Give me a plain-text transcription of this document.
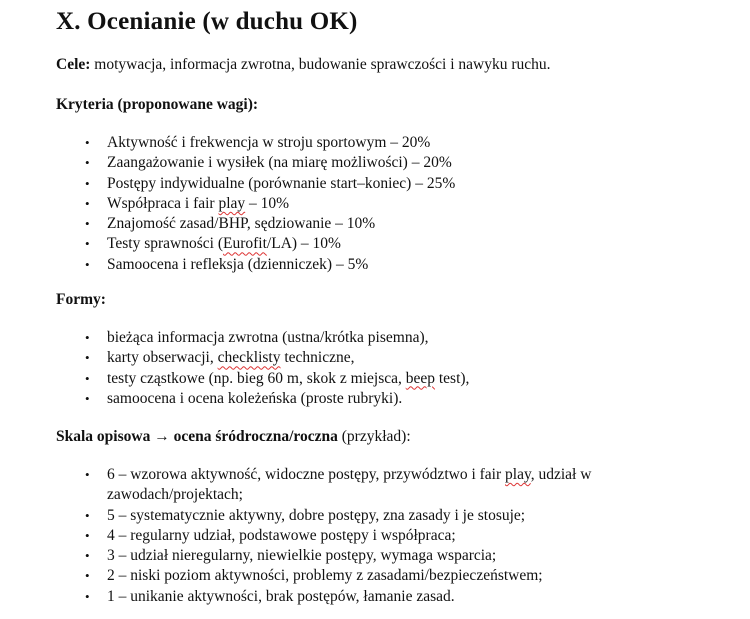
X. Ocenianie (w duchu OK)
Cele: motywacja, informacja zwrotna, budowanie sprawczości i nawyku ruchu.
Kryteria (proponowane wagi):
• Aktywność i frekwencja w stroju sportowym – 20%
• Zaangażowanie i wysiłek (na miarę możliwości) – 20%
• Postępy indywidualne (porównanie start–koniec) – 25%
• Współpraca i fair play – 10%
• Znajomość zasad/BHP, sędziowanie – 10%
• Testy sprawności (Eurofit/LA) – 10%
• Samoocena i refleksja (dzienniczek) – 5%
Formy:
• bieżąca informacja zwrotna (ustna/krótka pisemna),
• karty obserwacji, checklisty techniczne,
• testy cząstkowe (np. bieg 60 m, skok z miejsca, beep test),
• samoocena i ocena koleżeńska (proste rubryki).
Skala opisowa → ocena śródroczna/roczna (przykład):
• 6 – wzorowa aktywność, widoczne postępy, przywództwo i fair play, udział w zawodach/projektach;
• 5 – systematycznie aktywny, dobre postępy, zna zasady i je stosuje;
• 4 – regularny udział, podstawowe postępy i współpraca;
• 3 – udział nieregularny, niewielkie postępy, wymaga wsparcia;
• 2 – niski poziom aktywności, problemy z zasadami/bezpieczeństwem;
• 1 – unikanie aktywności, brak postępów, łamanie zasad.
